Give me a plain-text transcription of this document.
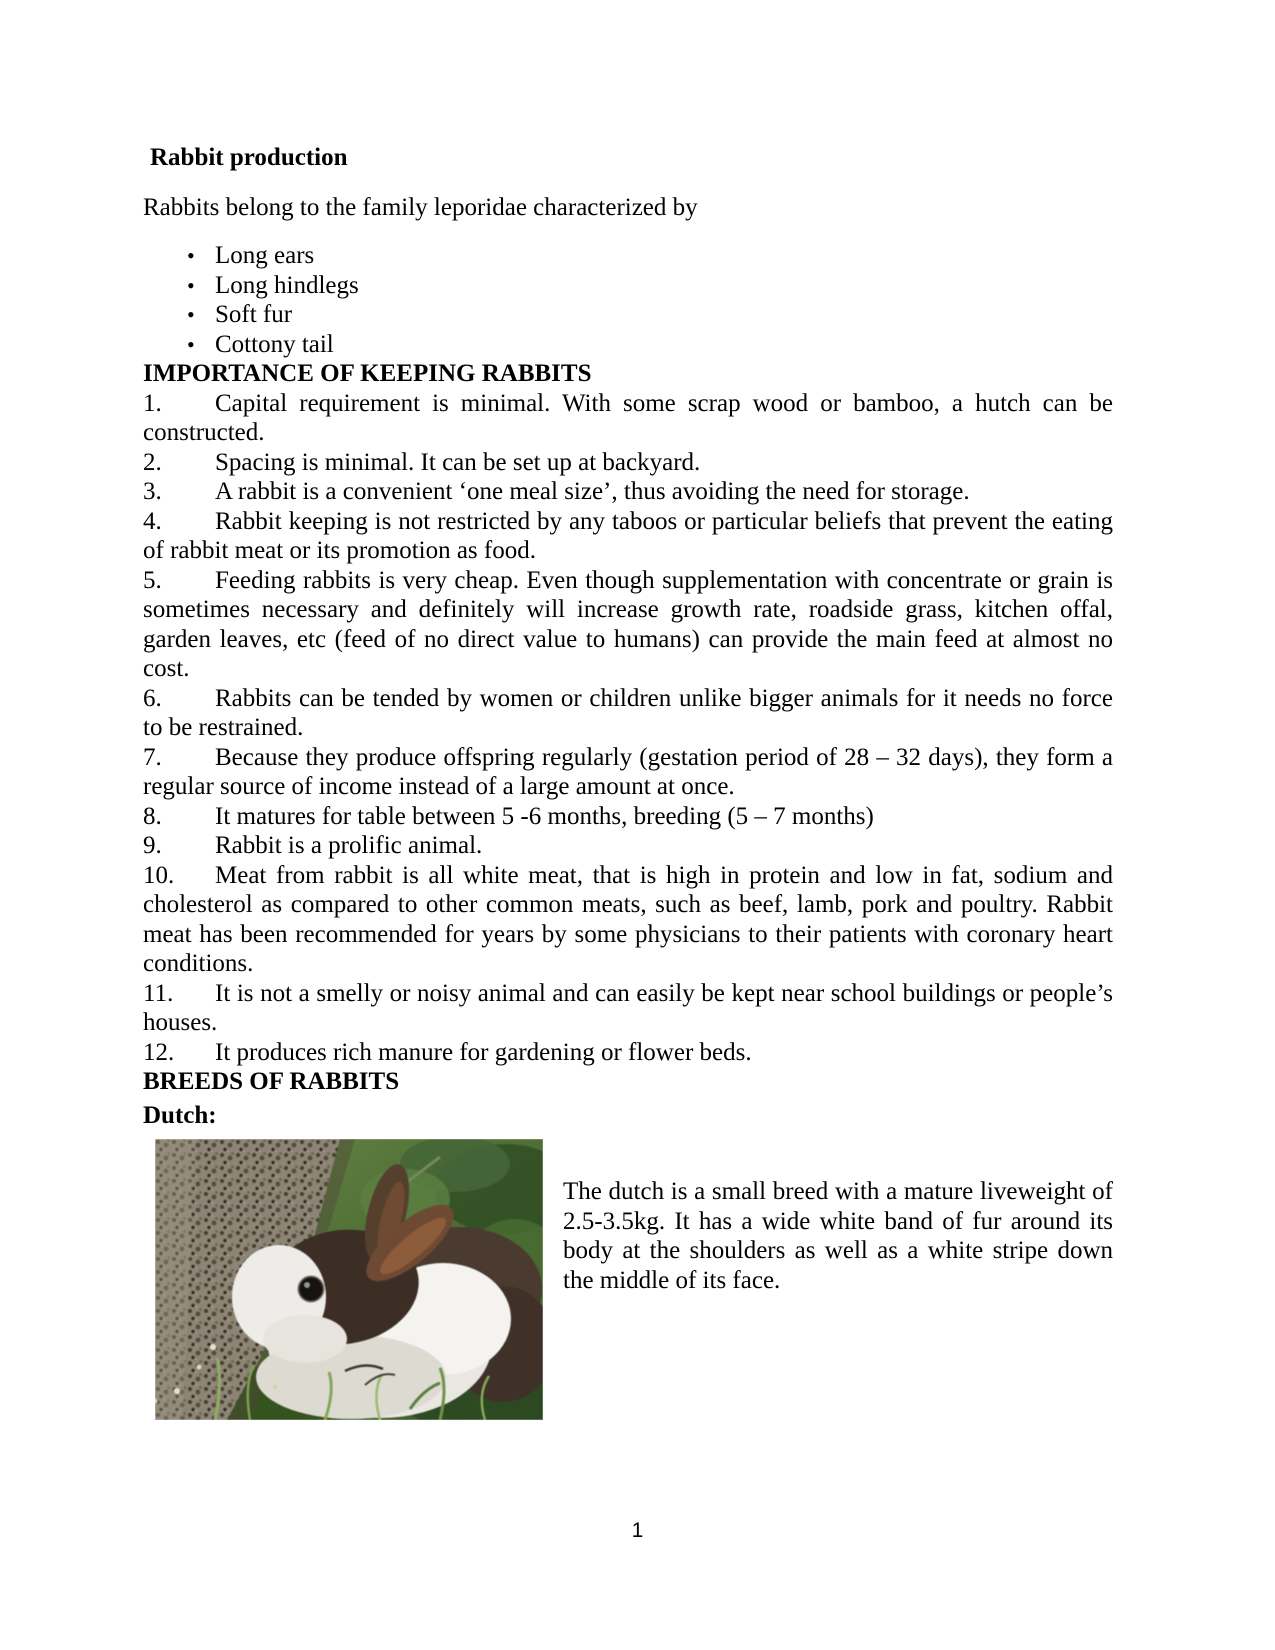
Rabbit production

Rabbits belong to the family leporidae characterized by

• Long ears
• Long hindlegs
• Soft fur
• Cottony tail

IMPORTANCE OF KEEPING RABBITS

1. Capital requirement is minimal. With some scrap wood or bamboo, a hutch can be constructed.

2. Spacing is minimal. It can be set up at backyard.

3. A rabbit is a convenient ‘one meal size’, thus avoiding the need for storage.

4. Rabbit keeping is not restricted by any taboos or particular beliefs that prevent the eating of rabbit meat or its promotion as food.

5. Feeding rabbits is very cheap. Even though supplementation with concentrate or grain is sometimes necessary and definitely will increase growth rate, roadside grass, kitchen offal, garden leaves, etc (feed of no direct value to humans) can provide the main feed at almost no cost.

6. Rabbits can be tended by women or children unlike bigger animals for it needs no force to be restrained.

7. Because they produce offspring regularly (gestation period of 28 – 32 days), they form a regular source of income instead of a large amount at once.

8. It matures for table between 5 -6 months, breeding (5 – 7 months)

9. Rabbit is a prolific animal.

10. Meat from rabbit is all white meat, that is high in protein and low in fat, sodium and cholesterol as compared to other common meats, such as beef, lamb, pork and poultry. Rabbit meat has been recommended for years by some physicians to their patients with coronary heart conditions.

11. It is not a smelly or noisy animal and can easily be kept near school buildings or people’s houses.

12. It produces rich manure for gardening or flower beds.

BREEDS OF RABBITS

Dutch:

The dutch is a small breed with a mature liveweight of 2.5-3.5kg. It has a wide white band of fur around its body at the shoulders as well as a white stripe down the middle of its face.

1
